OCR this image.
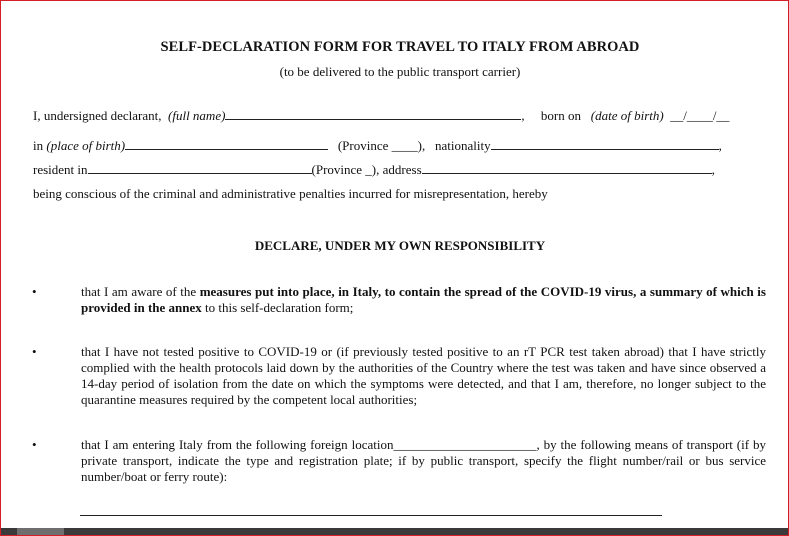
SELF-DECLARATION FORM FOR TRAVEL TO ITALY FROM ABROAD
(to be delivered to the public transport carrier)
I, undersigned declarant, (full name)	,     born on (date of birth) __/____/__
in (place of birth)	(Province ____), nationality	,
resident in	(Province _), address	,
being conscious of the criminal and administrative penalties incurred for misrepresentation, hereby
DECLARE, UNDER MY OWN RESPONSIBILITY
•	that I am aware of the measures put into place, in Italy, to contain the spread of the COVID-19 virus, a summary of which is provided in the annex to this self-declaration form;
•	that I have not tested positive to COVID-19 or (if previously tested positive to an rT PCR test taken abroad) that I have strictly complied with the health protocols laid down by the authorities of the Country where the test was taken and have since observed a 14-day period of isolation from the date on which the symptoms were detected, and that I am, therefore, no longer subject to the quarantine measures required by the competent local authorities;
•	that I am entering Italy from the following foreign location______________________, by the following means of transport (if by private transport, indicate the type and registration plate; if by public transport, specify the flight number/rail or bus service number/boat or ferry route):
